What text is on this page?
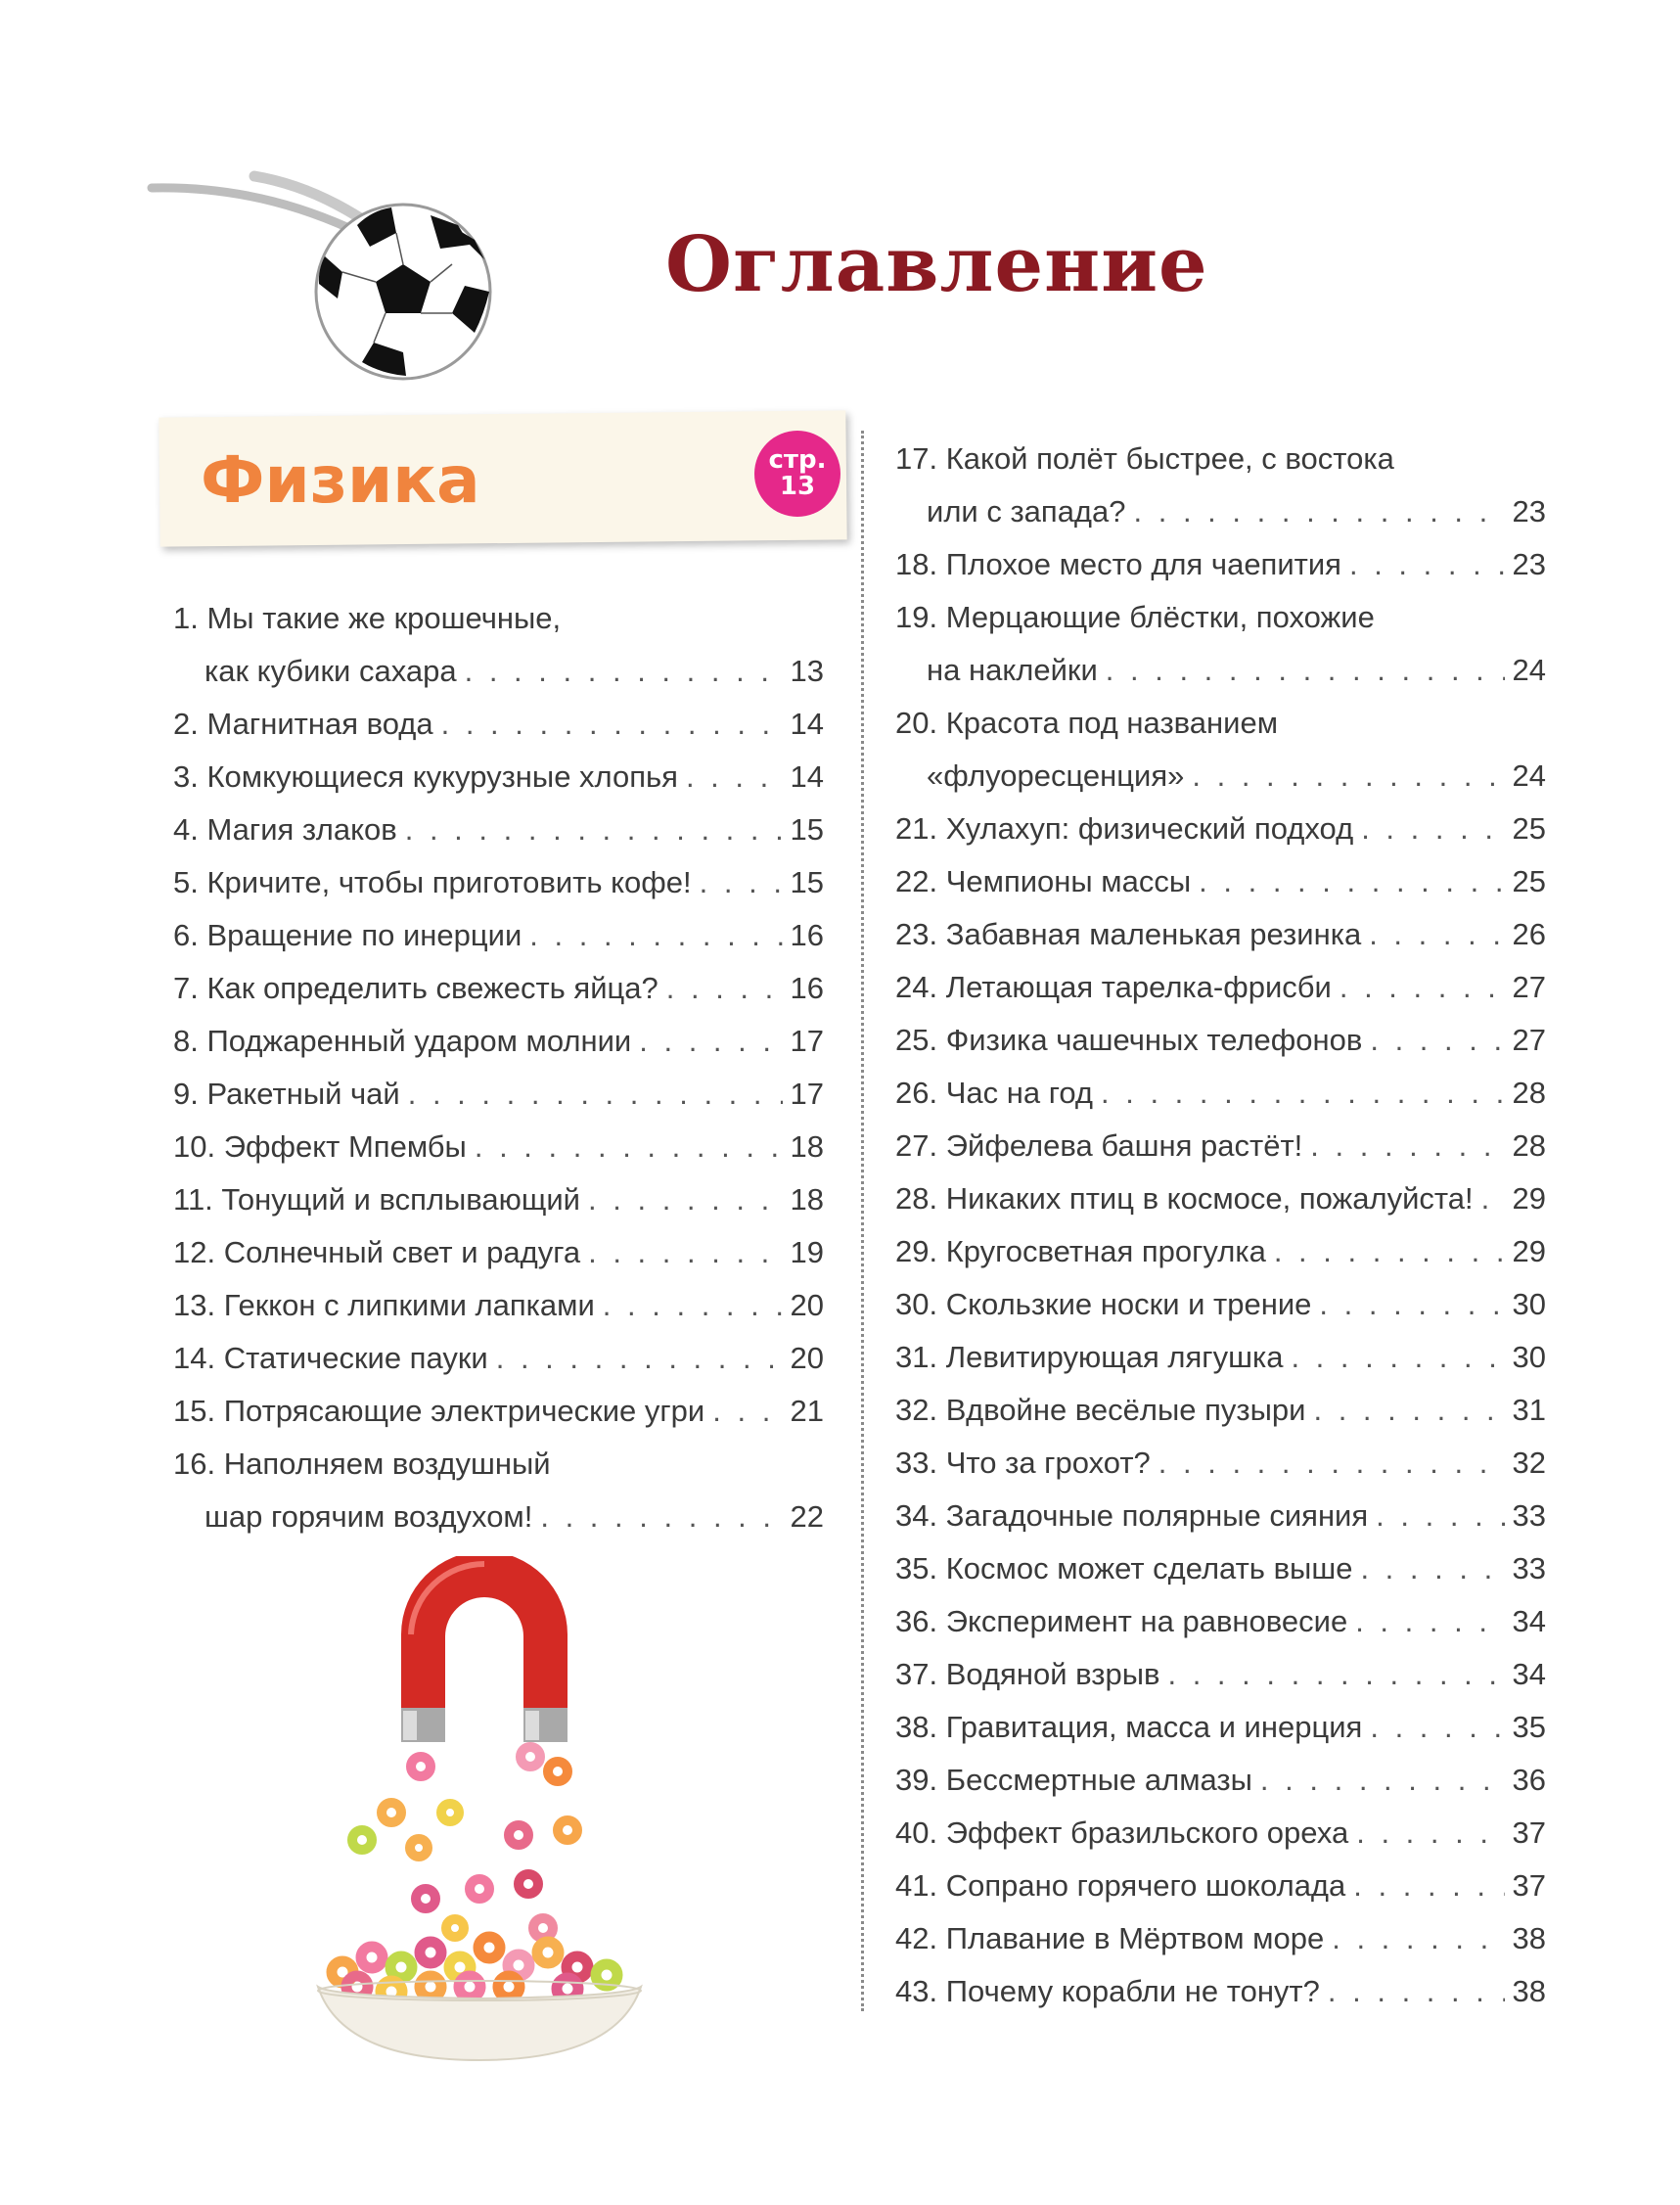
Оглавление
Физика	стр.
13
1.
Мы такие же крошечные,
как кубики сахара . . .	13
2.
Магнитная вода . . .	14
3.
Комкующиеся кукурузные хлопья . . .	14
4.
Магия злаков . . .	15
5.
Кричите, чтобы приготовить кофе! . . .	15
6.
Вращение по инерции . . .	16
7.
Как определить свежесть яйца? . . .	16
8.
Поджаренный ударом молнии . . .	17
9.
Ракетный чай . . .	17
10.
Эффект Мпембы . . .	18
11.
Тонущий и всплывающий . . .	18
12.
Солнечный свет и радуга . . .	19
13.
Геккон с липкими лапками . . .	20
14.
Статические пауки . . .	20
15.
Потрясающие электрические угри . . .	21
16.
Наполняем воздушный
шар горячим воздухом! . . .	22
17.
Какой полёт быстрее, с востока
или с запада? . . .	23
18.
Плохое место для чаепития . . .	23
19.
Мерцающие блёстки, похожие
на наклейки . . .	24
20.
Красота под названием
«флуоресценция» . . .	24
21.
Хулахуп: физический подход . . .	25
22.
Чемпионы массы . . .	25
23.
Забавная маленькая резинка . . .	26
24.
Летающая тарелка-фрисби . . .	27
25.
Физика чашечных телефонов . . .	27
26.
Час на год . . .	28
27.
Эйфелева башня растёт! . . .	28
28.
Никаких птиц в космосе, пожалуйста! . . . 29
29.
Кругосветная прогулка . . .	29
30.
Скользкие носки и трение . . .	30
31.
Левитирующая лягушка . . .	30
32.
Вдвойне весёлые пузыри . . .	31
33.
Что за грохот? . . .	32
34.
Загадочные полярные сияния . . .	33
35.
Космос может сделать выше . . .	33
36.
Эксперимент на равновесие . . .	34
37.
Водяной взрыв . . .	34
38.
Гравитация, масса и инерция . . .	35
39.
Бессмертные алмазы . . .	36
40.
Эффект бразильского ореха . . .	37
41.
Сопрано горячего шоколада . . .	37
42.
Плавание в Мёртвом море . . .	38
43.
Почему корабли не тонут? . . .	38
